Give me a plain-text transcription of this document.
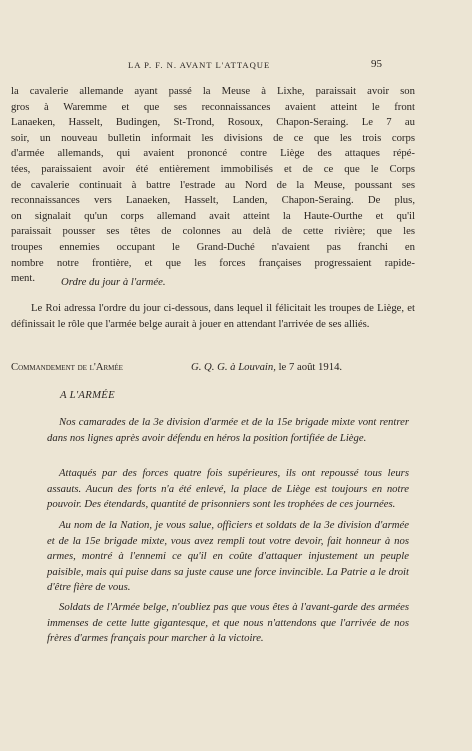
LA P. F. N. AVANT L'ATTAQUE	95
la cavalerie allemande ayant passé la Meuse à Lixhe, paraissait avoir son
gros à Waremme et que ses reconnaissances avaient atteint le front
Lanaeken, Hasselt, Budingen, St-Trond, Rosoux, Chapon-Seraing. Le 7 au
soir, un nouveau bulletin informait les divisions de ce que les trois corps
d'armée allemands, qui avaient prononcé contre Liège des attaques répé-
tées, paraissaient avoir été entièrement immobilisés et de ce que le Corps
de cavalerie continuait à battre l'estrade au Nord de la Meuse, poussant ses
reconnaissances vers Lanaeken, Hasselt, Landen, Chapon-Seraing. De plus,
on signalait qu'un corps allemand avait atteint la Haute-Ourthe et qu'il
paraissait pousser ses têtes de colonnes au delà de cette rivière; que les
troupes ennemies occupant le Grand-Duché n'avaient pas franchi en
nombre notre frontière, et que les forces françaises progressaient rapide-
ment.	Ordre du jour à l'armée.
Le Roi adressa l'ordre du jour ci-dessous, dans lequel il félicitait les troupes de Liège, et définissait le rôle que l'armée belge aurait à jouer en attendant l'arrivée de ses alliés.
Commandement de l'Armée	G. Q. G. à Louvain, le 7 août 1914.
A L'ARMÉE
Nos camarades de la 3e division d'armée et de la 15e brigade mixte vont rentrer dans nos lignes après avoir défendu en héros la position fortifiée de Liège.
Attaqués par des forces quatre fois supérieures, ils ont repoussé tous leurs assauts. Aucun des forts n'a été enlevé, la place de Liège est toujours en notre pouvoir. Des étendards, quantité de prisonniers sont les trophées de ces journées.
Au nom de la Nation, je vous salue, officiers et soldats de la 3e division d'armée et de la 15e brigade mixte, vous avez rempli tout votre devoir, fait honneur à nos armes, montré à l'ennemi ce qu'il en coûte d'attaquer injustement un peuple paisible, mais qui puise dans sa juste cause une force invincible. La Patrie a le droit d'être fière de vous.
Soldats de l'Armée belge, n'oubliez pas que vous êtes à l'avant-garde des armées immenses de cette lutte gigantesque, et que nous n'attendons que l'arrivée de nos frères d'armes français pour marcher à la victoire.
